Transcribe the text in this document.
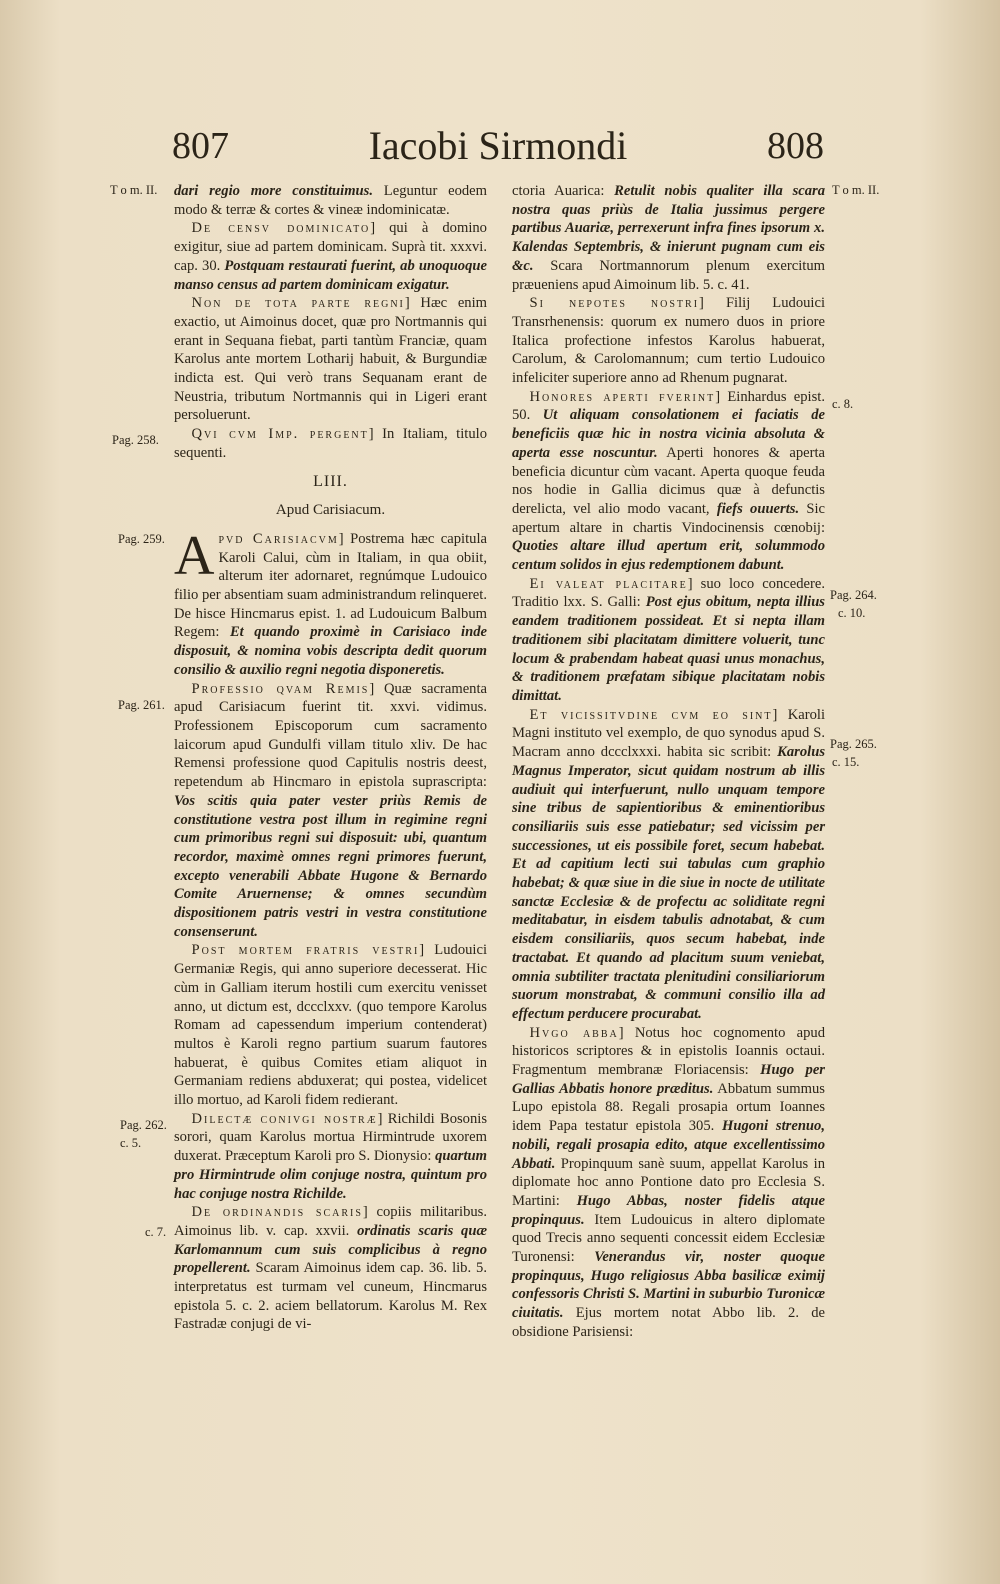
807	Iacobi Sirmondi	808
T o m. II.	T o m. II.
Pag. 258.
Pag. 259.
Pag. 261.
Pag. 262.
c. 5.
c. 7.
c. 8.
Pag. 264.
c. 10.
Pag. 265.
c. 15.

dari regio more constituimus. Leguntur eodem modo & terræ & cortes & vineæ indominicatæ.

De censv dominicato] qui à domino exigitur, siue ad partem dominicam. Suprà tit. xxxvi. cap. 30. Postquam restaurati fuerint, ab unoquoque manso census ad partem dominicam exigatur.

Non de tota parte regni] Hæc enim exactio, ut Aimoinus docet, quæ pro Nortmannis qui erant in Sequana fiebat, parti tantùm Franciæ, quam Karolus ante mortem Lotharij habuit, & Burgundiæ indicta est. Qui verò trans Sequanam erant de Neustria, tributum Nortmannis qui in Ligeri erant persoluerunt.

Qvi cvm Imp. pergent] In Italiam, titulo sequenti.

LIII.
Apud Carisiacum.

Apvd Carisiacvm] Postrema hæc capitula Karoli Calui, cùm in Italiam, in qua obiit, alterum iter adornaret, regnúmque Ludouico filio per absentiam suam administrandum relinqueret. De hisce Hincmarus epist. 1. ad Ludouicum Balbum Regem: Et quando proximè in Carisiaco inde disposuit, & nomina vobis descripta dedit quorum consilio & auxilio regni negotia disponeretis.

Professio qvam Remis] Quæ sacramenta apud Carisiacum fuerint tit. xxvi. vidimus. Professionem Episcoporum cum sacramento laicorum apud Gundulfi villam titulo xliv. De hac Remensi professione quod Capitulis nostris deest, repetendum ab Hincmaro in epistola suprascripta: Vos scitis quia pater vester priùs Remis de constitutione vestra post illum in regimine regni cum primoribus regni sui disposuit: ubi, quantum recordor, maximè omnes regni primores fuerunt, excepto venerabili Abbate Hugone & Bernardo Comite Aruernense; & omnes secundùm dispositionem patris vestri in vestra constitutione consenserunt.

Post mortem fratris vestri] Ludouici Germaniæ Regis, qui anno superiore decesserat. Hic cùm in Galliam iterum hostili cum exercitu venisset anno, ut dictum est, dccclxxv. (quo tempore Karolus Romam ad capessendum imperium contenderat) multos è Karoli regno partium suarum fautores habuerat, è quibus Comites etiam aliquot in Germaniam rediens abduxerat; qui postea, videlicet illo mortuo, ad Karoli fidem redierant.

Dilectæ conivgi nostræ] Richildi Bosonis sorori, quam Karolus mortua Hirmintrude uxorem duxerat. Præceptum Karoli pro S. Dionysio: quartum pro Hirmintrude olim conjuge nostra, quintum pro hac conjuge nostra Richilde.

De ordinandis scaris] copiis militaribus. Aimoinus lib. v. cap. xxvii. ordinatis scaris quæ Karlomannum cum suis complicibus à regno propellerent. Scaram Aimoinus idem cap. 36. lib. 5. interpretatus est turmam vel cuneum, Hincmarus epistola 5. c. 2. aciem bellatorum. Karolus M. Rex Fastradæ conjugi de vi-

ctoria Auarica: Retulit nobis qualiter illa scara nostra quas priùs de Italia jussimus pergere partibus Auariæ, perrexerunt infra fines ipsorum x. Kalendas Septembris, & inierunt pugnam cum eis &c. Scara Nortmannorum plenum exercitum præueniens apud Aimoinum lib. 5. c. 41.

Si nepotes nostri] Filij Ludouici Transrhenensis: quorum ex numero duos in priore Italica profectione infestos Karolus habuerat, Carolum, & Carolomannum; cum tertio Ludouico infeliciter superiore anno ad Rhenum pugnarat.

Honores aperti fverint] Einhardus epist. 50. Ut aliquam consolationem ei faciatis de beneficiis quæ hic in nostra vicinia absoluta & aperta esse noscuntur. Aperti honores & aperta beneficia dicuntur cùm vacant. Aperta quoque feuda nos hodie in Gallia dicimus quæ à defunctis derelicta, vel alio modo vacant, fiefs ouuerts. Sic apertum altare in chartis Vindocinensis cœnobij: Quoties altare illud apertum erit, solummodo centum solidos in ejus redemptionem dabunt.

Ei valeat placitare] suo loco concedere. Traditio lxx. S. Galli: Post ejus obitum, nepta illius eandem traditionem possideat. Et si nepta illam traditionem sibi placitatam dimittere voluerit, tunc locum & prabendam habeat quasi unus monachus, & traditionem præfatam sibique placitatam nobis dimittat.

Et vicissitvdine cvm eo sint] Karoli Magni instituto vel exemplo, de quo synodus apud S. Macram anno dccclxxxi. habita sic scribit: Karolus Magnus Imperator, sicut quidam nostrum ab illis audiuit qui interfuerunt, nullo unquam tempore sine tribus de sapientioribus & eminentioribus consiliariis suis esse patiebatur; sed vicissim per successiones, ut eis possibile foret, secum habebat. Et ad capitium lecti sui tabulas cum graphio habebat; & quæ siue in die siue in nocte de utilitate sanctæ Ecclesiæ & de profectu ac soliditate regni meditabatur, in eisdem tabulis adnotabat, & cum eisdem consiliariis, quos secum habebat, inde tractabat. Et quando ad placitum suum veniebat, omnia subtiliter tractata plenitudini consiliariorum suorum monstrabat, & communi consilio illa ad effectum perducere procurabat.

Hvgo abba] Notus hoc cognomento apud historicos scriptores & in epistolis Ioannis octaui. Fragmentum membranæ Floriacensis: Hugo per Gallias Abbatis honore præditus. Abbatum summus Lupo epistola 88. Regali prosapia ortum Ioannes idem Papa testatur epistola 305. Hugoni strenuo, nobili, regali prosapia edito, atque excellentissimo Abbati. Propinquum sanè suum, appellat Karolus in diplomate hoc anno Pontione dato pro Ecclesia S. Martini: Hugo Abbas, noster fidelis atque propinquus. Item Ludouicus in altero diplomate quod Trecis anno sequenti concessit eidem Ecclesiæ Turonensi: Venerandus vir, noster quoque propinquus, Hugo religiosus Abba basilicæ eximij confessoris Christi S. Martini in suburbio Turonicæ ciuitatis. Ejus mortem notat Abbo lib. 2. de obsidione Parisiensi:
